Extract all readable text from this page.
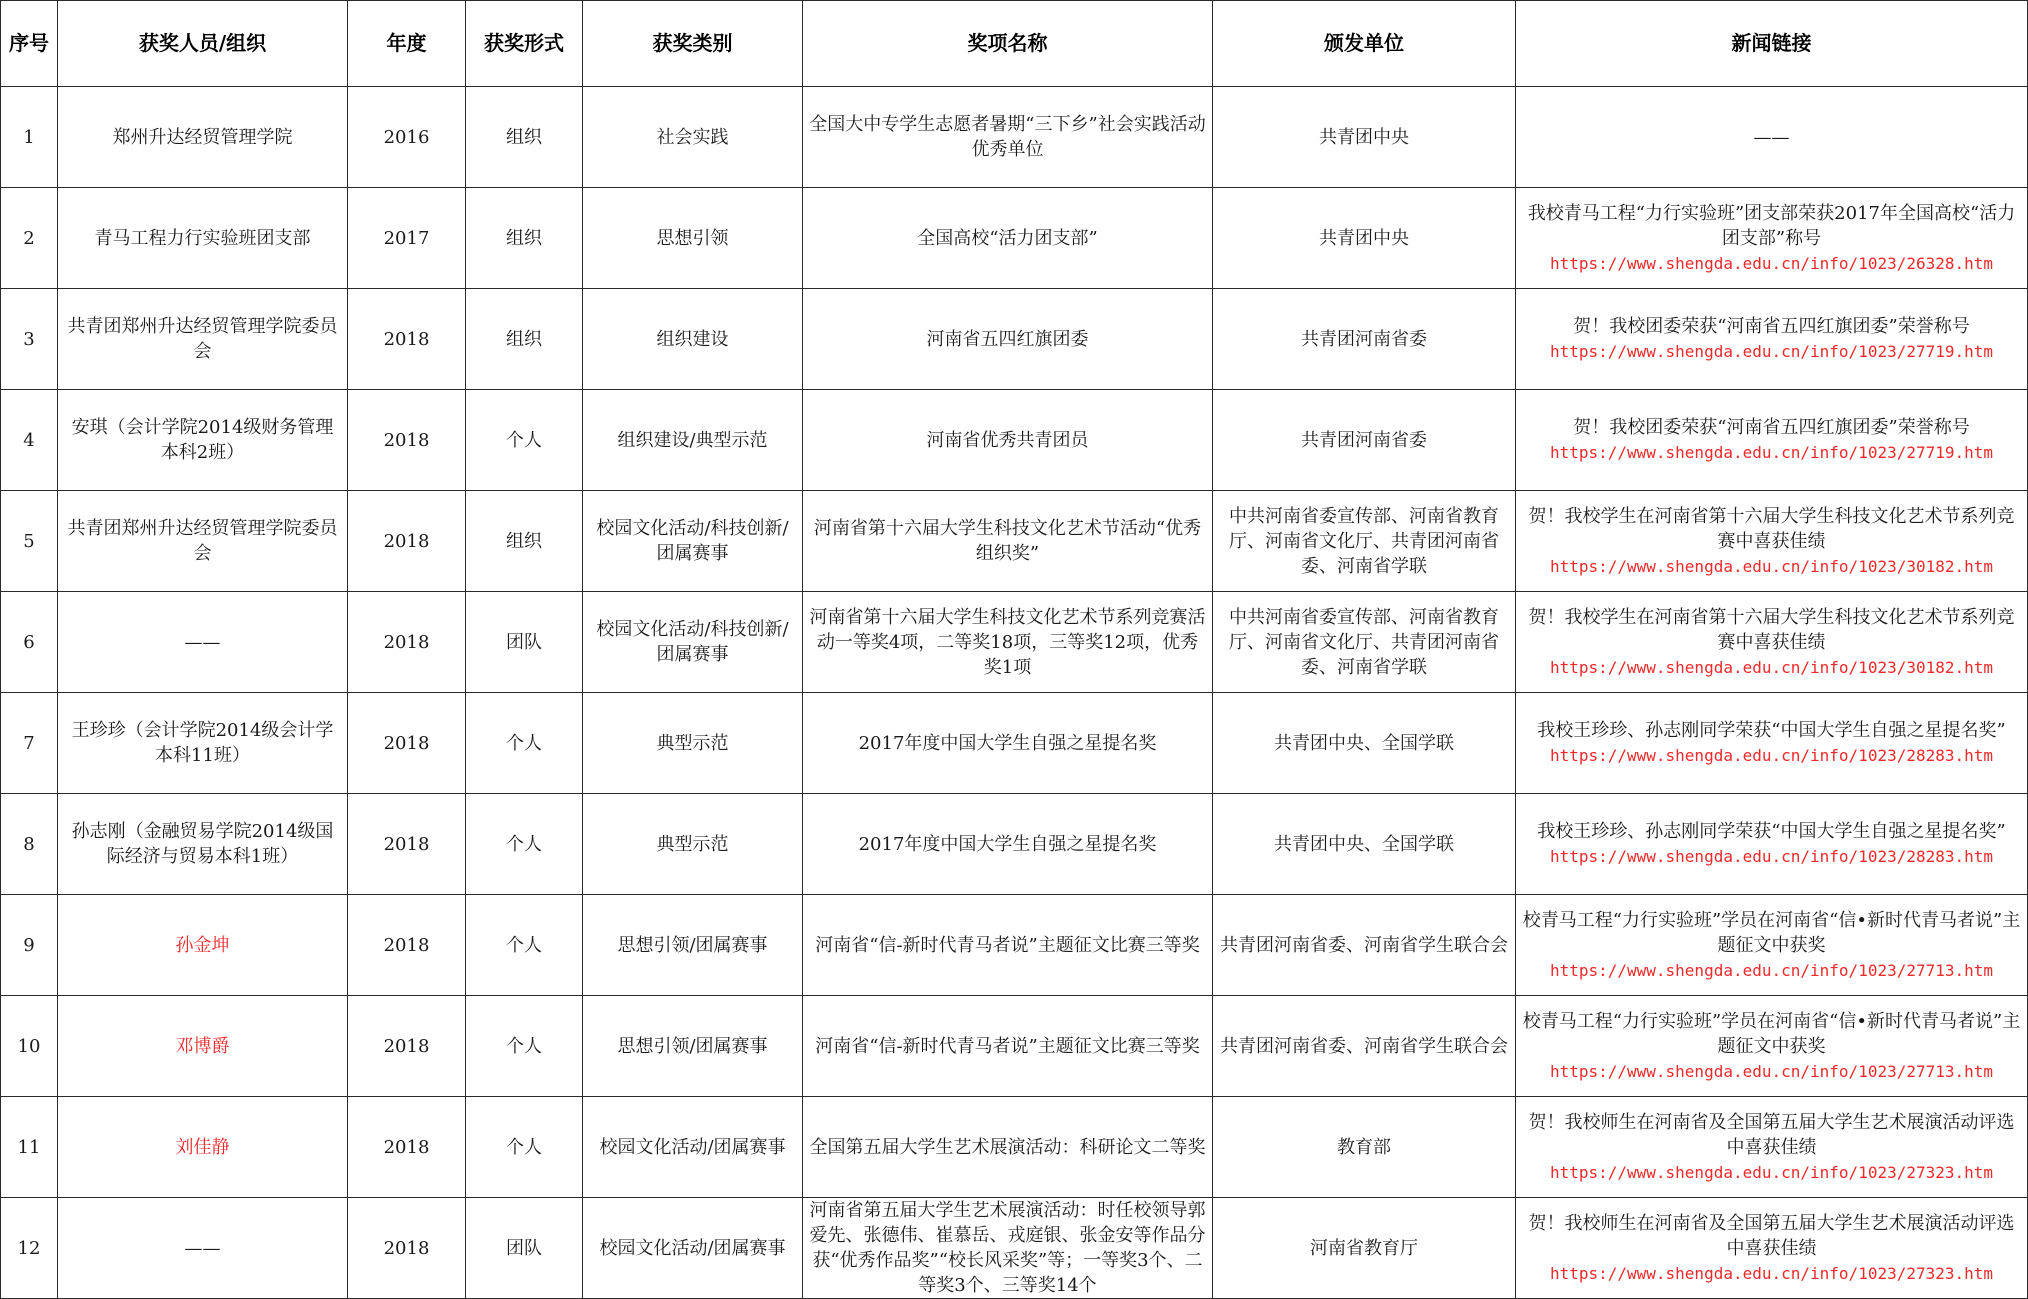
序号	获奖人员/组织	年度	获奖形式	获奖类别	奖项名称	颁发单位	新闻链接
1	郑州升达经贸管理学院	2016	组织	社会实践	全国大中专学生志愿者暑期“三下乡”社会实践活动优秀单位	共青团中央	——
2	青马工程力行实验班团支部	2017	组织	思想引领	全国高校“活力团支部”	共青团中央	我校青马工程“力行实验班”团支部荣获2017年全国高校“活力团支部”称号
https://www.shengda.edu.cn/info/1023/26328.htm
3	共青团郑州升达经贸管理学院委员会	2018	组织	组织建设	河南省五四红旗团委	共青团河南省委	贺！我校团委荣获“河南省五四红旗团委”荣誉称号
https://www.shengda.edu.cn/info/1023/27719.htm
4	安琪（会计学院2014级财务管理本科2班）	2018	个人	组织建设/典型示范	河南省优秀共青团员	共青团河南省委	贺！我校团委荣获“河南省五四红旗团委”荣誉称号
https://www.shengda.edu.cn/info/1023/27719.htm
5	共青团郑州升达经贸管理学院委员会	2018	组织	校园文化活动/科技创新/团属赛事	河南省第十六届大学生科技文化艺术节活动“优秀组织奖”	中共河南省委宣传部、河南省教育厅、河南省文化厅、共青团河南省委、河南省学联	贺！我校学生在河南省第十六届大学生科技文化艺术节系列竞赛中喜获佳绩
https://www.shengda.edu.cn/info/1023/30182.htm
6	——	2018	团队	校园文化活动/科技创新/团属赛事	河南省第十六届大学生科技文化艺术节系列竞赛活动一等奖4项，二等奖18项，三等奖12项，优秀奖1项	中共河南省委宣传部、河南省教育厅、河南省文化厅、共青团河南省委、河南省学联	贺！我校学生在河南省第十六届大学生科技文化艺术节系列竞赛中喜获佳绩
https://www.shengda.edu.cn/info/1023/30182.htm
7	王珍珍（会计学院2014级会计学本科11班）	2018	个人	典型示范	2017年度中国大学生自强之星提名奖	共青团中央、全国学联	我校王珍珍、孙志刚同学荣获“中国大学生自强之星提名奖”
https://www.shengda.edu.cn/info/1023/28283.htm
8	孙志刚（金融贸易学院2014级国际经济与贸易本科1班）	2018	个人	典型示范	2017年度中国大学生自强之星提名奖	共青团中央、全国学联	我校王珍珍、孙志刚同学荣获“中国大学生自强之星提名奖”
https://www.shengda.edu.cn/info/1023/28283.htm
9	孙金坤	2018	个人	思想引领/团属赛事	河南省“信-新时代青马者说”主题征文比赛三等奖	共青团河南省委、河南省学生联合会	校青马工程“力行实验班”学员在河南省“信•新时代青马者说”主题征文中获奖
https://www.shengda.edu.cn/info/1023/27713.htm
10	邓博爵	2018	个人	思想引领/团属赛事	河南省“信-新时代青马者说”主题征文比赛三等奖	共青团河南省委、河南省学生联合会	校青马工程“力行实验班”学员在河南省“信•新时代青马者说”主题征文中获奖
https://www.shengda.edu.cn/info/1023/27713.htm
11	刘佳静	2018	个人	校园文化活动/团属赛事	全国第五届大学生艺术展演活动：科研论文二等奖	教育部	贺！我校师生在河南省及全国第五届大学生艺术展演活动评选中喜获佳绩
https://www.shengda.edu.cn/info/1023/27323.htm
12	——	2018	团队	校园文化活动/团属赛事	河南省第五届大学生艺术展演活动：时任校领导郭爱先、张德伟、崔慕岳、戎庭银、张金安等作品分获“优秀作品奖”“校长风采奖”等；一等奖3个、二等奖3个、三等奖14个	河南省教育厅	贺！我校师生在河南省及全国第五届大学生艺术展演活动评选中喜获佳绩
https://www.shengda.edu.cn/info/1023/27323.htm
